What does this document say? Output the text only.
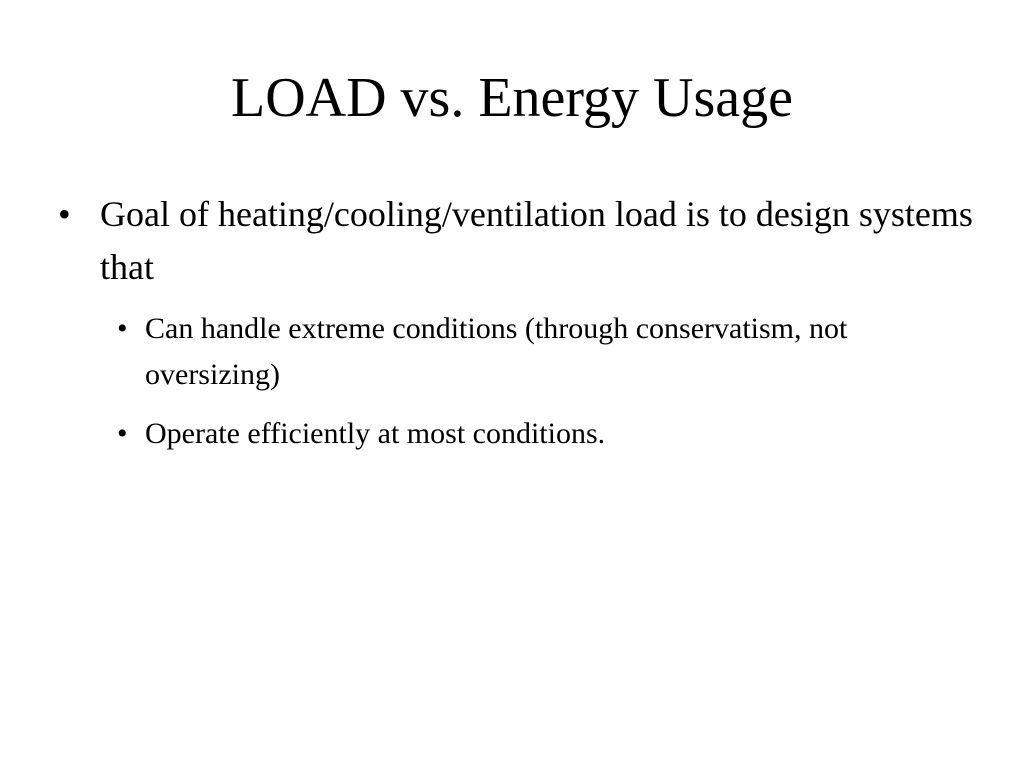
LOAD vs. Energy Usage
• Goal of heating/cooling/ventilation load is to design systems that
• Can handle extreme conditions (through conservatism, not oversizing)
• Operate efficiently at most conditions.
